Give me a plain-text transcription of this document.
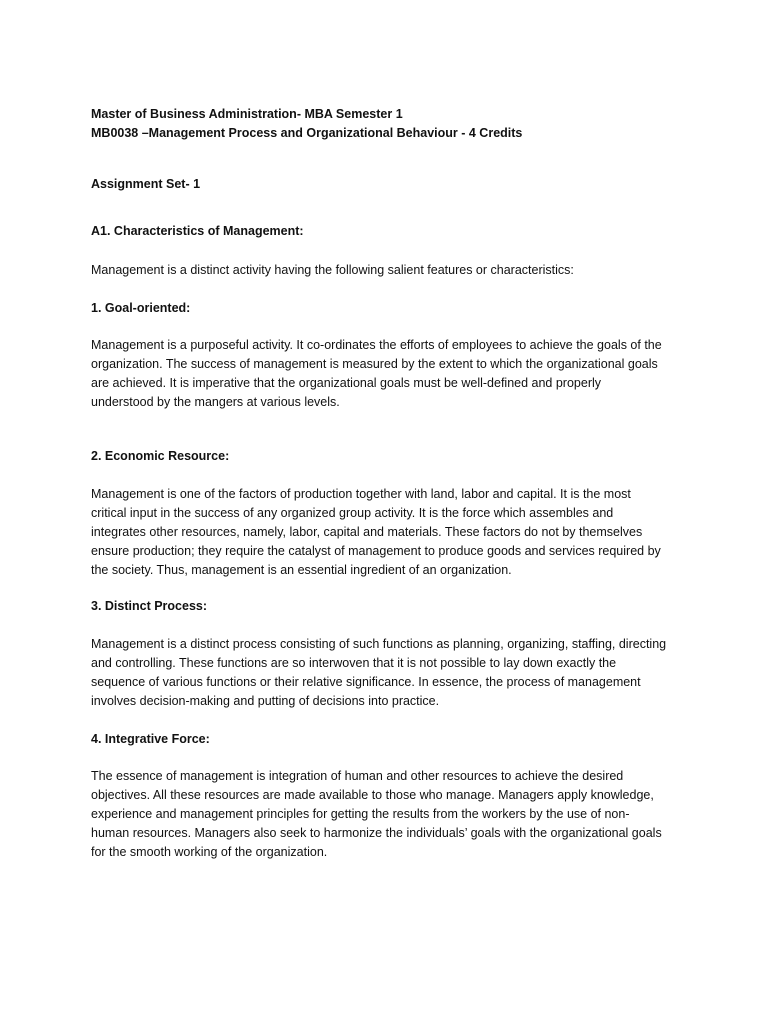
Master of Business Administration- MBA Semester 1
MB0038 –Management Process and Organizational Behaviour - 4 Credits
Assignment Set- 1
A1. Characteristics of Management:
Management is a distinct activity having the following salient features or characteristics:
1. Goal-oriented:
Management is a purposeful activity. It co-ordinates the efforts of employees to achieve the goals of the
organization. The success of management is measured by the extent to which the organizational goals
are achieved. It is imperative that the organizational goals must be well-defined and properly
understood by the mangers at various levels.
2. Economic Resource:
Management is one of the factors of production together with land, labor and capital. It is the most
critical input in the success of any organized group activity. It is the force which assembles and
integrates other resources, namely, labor, capital and materials. These factors do not by themselves
ensure production; they require the catalyst of management to produce goods and services required by
the society. Thus, management is an essential ingredient of an organization.
3. Distinct Process:
Management is a distinct process consisting of such functions as planning, organizing, staffing, directing
and controlling. These functions are so interwoven that it is not possible to lay down exactly the
sequence of various functions or their relative significance. In essence, the process of management
involves decision-making and putting of decisions into practice.
4. Integrative Force:
The essence of management is integration of human and other resources to achieve the desired
objectives. All these resources are made available to those who manage. Managers apply knowledge,
experience and management principles for getting the results from the workers by the use of non-
human resources. Managers also seek to harmonize the individuals’ goals with the organizational goals
for the smooth working of the organization.
